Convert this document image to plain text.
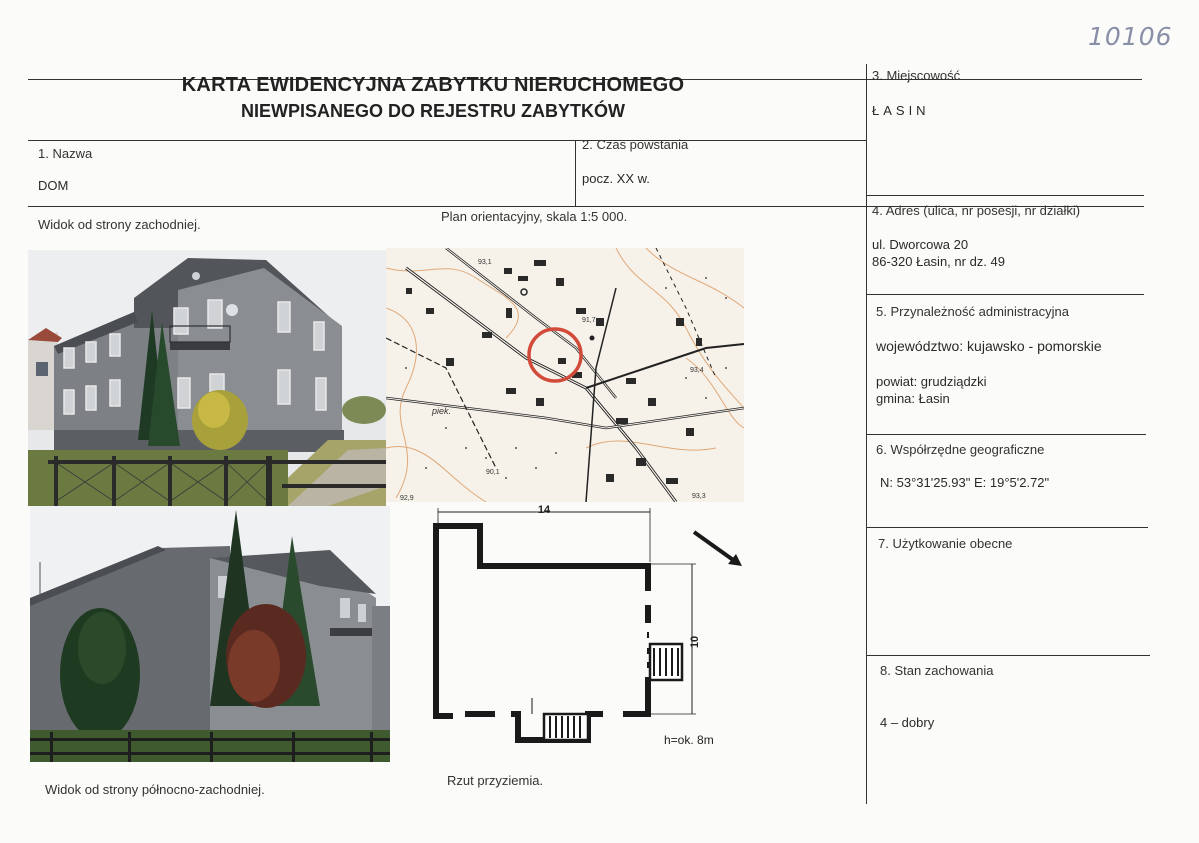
10106
KARTA EWIDENCYJNA ZABYTKU NIERUCHOMEGO
NIEWPISANEGO DO REJESTRU ZABYTKÓW
1. Nazwa
DOM
2. Czas powstania
pocz. XX w.
3. Miejscowość
ŁASIN
4. Adres (ulica, nr posesji, nr działki)
ul. Dworcowa 20
86-320 Łasin, nr dz. 49
5. Przynależność administracyjna
województwo: kujawsko - pomorskie
powiat: grudziądzki
gmina: Łasin
6. Współrzędne geograficzne
N: 53°31'25.93" E: 19°5'2.72"
7. Użytkowanie obecne
8. Stan zachowania
4 – dobry
Widok od strony zachodniej.
Plan orientacyjny, skala 1:5 000.
Widok od strony północno-zachodniej.
Rzut przyziemia.
93,1
91,7
93,4
piek.
90,1
92,9	93,3
14
10
h=ok. 8m
